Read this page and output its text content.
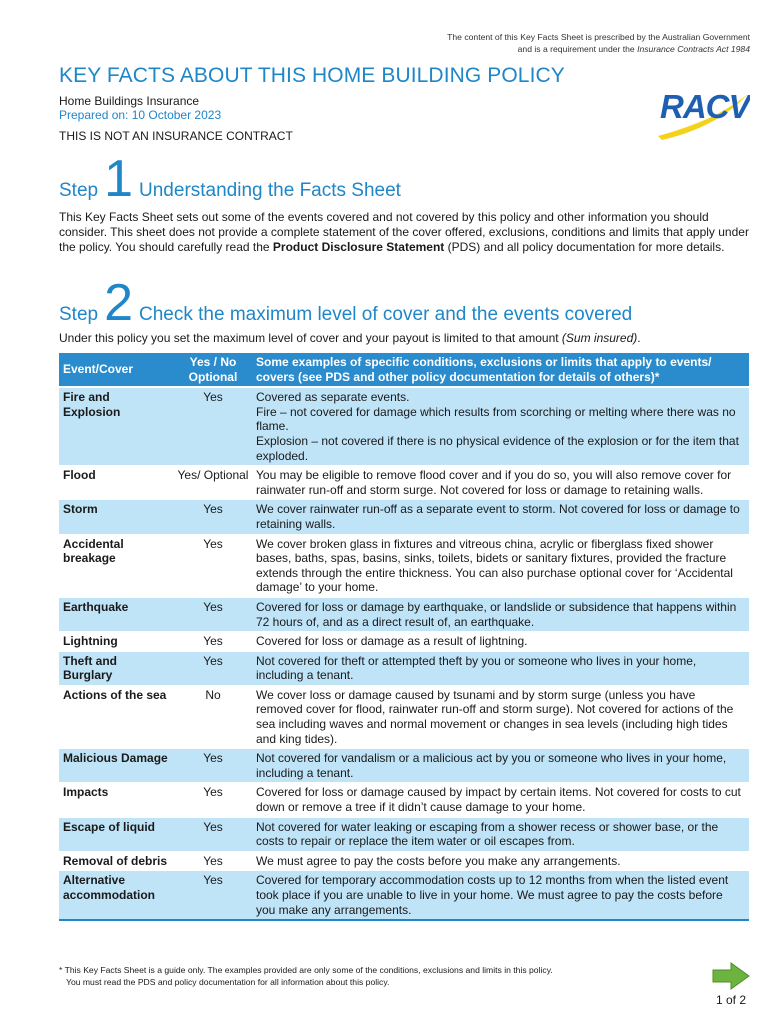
The content of this Key Facts Sheet is prescribed by the Australian Government
and is a requirement under the Insurance Contracts Act 1984
KEY FACTS ABOUT THIS HOME BUILDING POLICY
Home Buildings Insurance
Prepared on: 10 October 2023
THIS IS NOT AN INSURANCE CONTRACT
RACV
Step 1 Understanding the Facts Sheet
This Key Facts Sheet sets out some of the events covered and not covered by this policy and other information you should consider. This sheet does not provide a complete statement of the cover offered, exclusions, conditions and limits that apply under the policy. You should carefully read the Product Disclosure Statement (PDS) and all policy documentation for more details.
Step 2 Check the maximum level of cover and the events covered
Under this policy you set the maximum level of cover and your payout is limited to that amount (Sum insured).
Event/Cover	Yes / No Optional	Some examples of specific conditions, exclusions or limits that apply to events/ covers (see PDS and other policy documentation for details of others)*
Fire and Explosion	Yes	Covered as separate events.
Fire – not covered for damage which results from scorching or melting where there was no flame.
Explosion – not covered if there is no physical evidence of the explosion or for the item that exploded.

Flood	Yes/ Optional	You may be eligible to remove flood cover and if you do so, you will also remove cover for rainwater run-off and storm surge. Not covered for loss or damage to retaining walls.

Storm	Yes	We cover rainwater run-off as a separate event to storm. Not covered for loss or damage to retaining walls.

Accidental breakage	Yes	We cover broken glass in fixtures and vitreous china, acrylic or fiberglass fixed shower bases, baths, spas, basins, sinks, toilets, bidets or sanitary fixtures, provided the fracture extends through the entire thickness. You can also purchase optional cover for ‘Accidental damage’ to your home.

Earthquake	Yes	Covered for loss or damage by earthquake, or landslide or subsidence that happens within 72 hours of, and as a direct result of, an earthquake.

Lightning	Yes	Covered for loss or damage as a result of lightning.

Theft and Burglary	Yes	Not covered for theft or attempted theft by you or someone who lives in your home, including a tenant.

Actions of the sea	No	We cover loss or damage caused by tsunami and by storm surge (unless you have removed cover for flood, rainwater run-off and storm surge). Not covered for actions of the sea including waves and normal movement or changes in sea levels (including high tides and king tides).

Malicious Damage	Yes	Not covered for vandalism or a malicious act by you or someone who lives in your home, including a tenant.

Impacts	Yes	Covered for loss or damage caused by impact by certain items. Not covered for costs to cut down or remove a tree if it didn’t cause damage to your home.

Escape of liquid	Yes	Not covered for water leaking or escaping from a shower recess or shower base, or the costs to repair or replace the item water or oil escapes from.

Removal of debris	Yes	We must agree to pay the costs before you make any arrangements.

Alternative accommodation	Yes	Covered for temporary accommodation costs up to 12 months from when the listed event took place if you are unable to live in your home. We must agree to pay the costs before you make any arrangements.
* This Key Facts Sheet is a guide only. The examples provided are only some of the conditions, exclusions and limits in this policy.
You must read the PDS and policy documentation for all information about this policy.
1 of 2
